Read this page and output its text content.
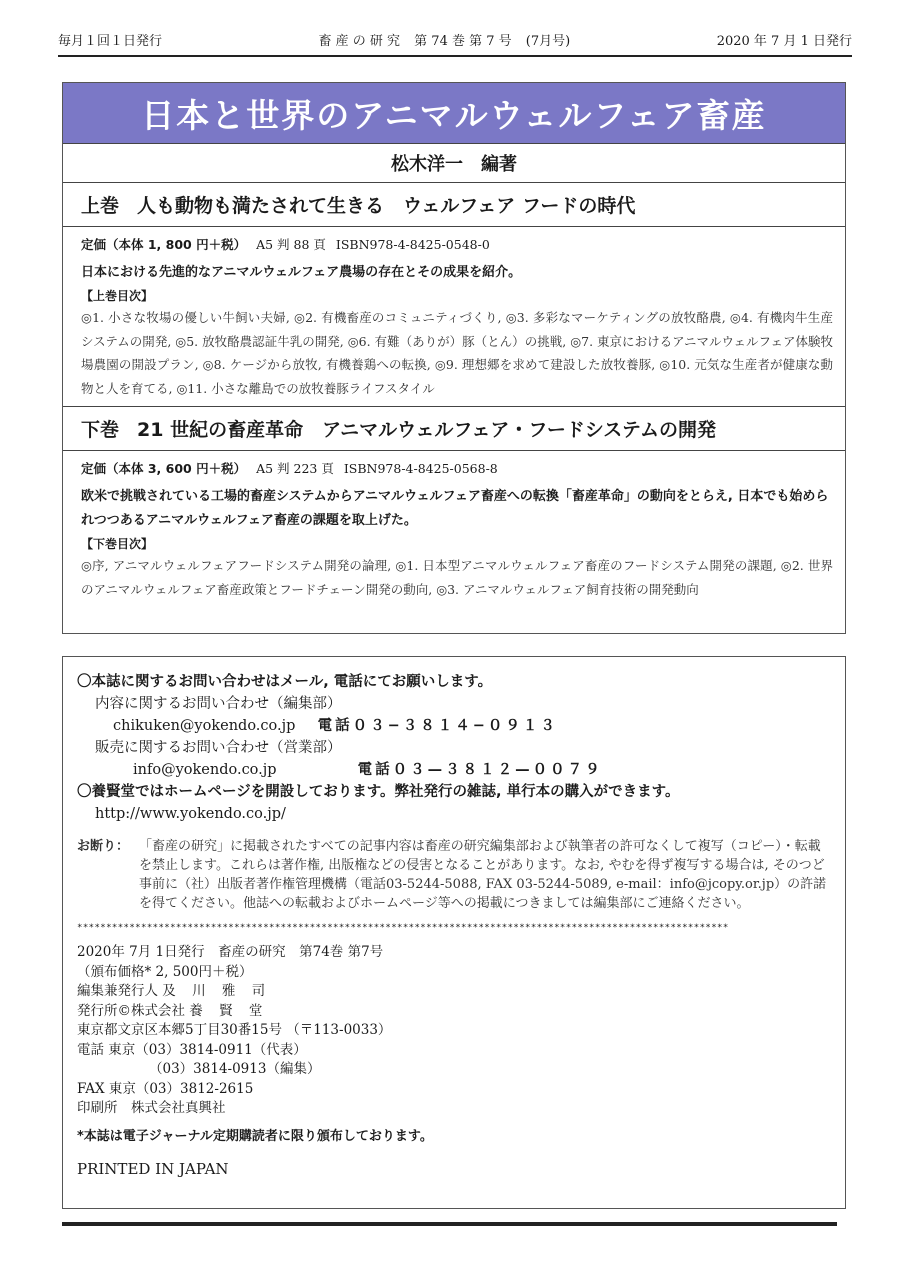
毎月１回１日発行	畜 産 の 研 究 第 74 巻 第 7 号 (7月号)	2020 年 7 月 1 日発行
日本と世界のアニマルウェルフェア畜産
松木洋一　編著
上巻 人も動物も満たされて生きる　ウェルフェア フードの時代
定価（本体 1, 800 円＋税） A5 判 88 頁 ISBN978-4-8425-0548-0
日本における先進的なアニマルウェルフェア農場の存在とその成果を紹介。
【上巻目次】
◎1. 小さな牧場の優しい牛飼い夫婦, ◎2. 有機畜産のコミュニティづくり, ◎3. 多彩なマーケティングの放牧酪農, ◎4. 有機肉牛生産システムの開発, ◎5. 放牧酪農認証牛乳の開発, ◎6. 有難（ありが）豚（とん）の挑戦, ◎7. 東京におけるアニマルウェルフェア体験牧場農園の開設プラン, ◎8. ケージから放牧, 有機養鶏への転換, ◎9. 理想郷を求めて建設した放牧養豚, ◎10. 元気な生産者が健康な動物と人を育てる, ◎11. 小さな離島での放牧養豚ライフスタイル
下巻 21 世紀の畜産革命　アニマルウェルフェア・フードシステムの開発
定価（本体 3, 600 円＋税） A5 判 223 頁 ISBN978-4-8425-0568-8
欧米で挑戦されている工場的畜産システムからアニマルウェルフェア畜産への転換「畜産革命」の動向をとらえ, 日本でも始められつつあるアニマルウェルフェア畜産の課題を取上げた。
【下巻目次】
◎序, アニマルウェルフェアフードシステム開発の論理, ◎1. 日本型アニマルウェルフェア畜産のフードシステム開発の課題, ◎2. 世界のアニマルウェルフェア畜産政策とフードチェーン開発の動向, ◎3. アニマルウェルフェア飼育技術の開発動向
〇本誌に関するお問い合わせはメール, 電話にてお願いします。
内容に関するお問い合わせ（編集部）
chikuken@yokendo.co.jp 電話０３−３８１４−０９１３
販売に関するお問い合わせ（営業部）
info@yokendo.co.jp	電話０３—３８１２—００７９
〇養賢堂ではホームページを開設しております。弊社発行の雑誌, 単行本の購入ができます。
http://www.yokendo.co.jp/
お断り： 「畜産の研究」に掲載されたすべての記事内容は畜産の研究編集部および執筆者の許可なくして複写（コピー）・転載を禁止します。これらは著作権, 出版権などの侵害となることがあります。なお, やむを得ず複写する場合は, そのつど事前に（社）出版者著作権管理機構（電話03-5244-5088, FAX 03-5244-5089, e-mail：info@jcopy.or.jp）の許諾を得てください。他誌への転載およびホームページ等への掲載につきましては編集部にご連絡ください。
****************************************************************************************************************
2020年 7月 1日発行　畜産の研究　第74巻 第7号
（頒布価格* 2, 500円＋税）
編集兼発行人 及 川 雅 司
発行所©株式会社 養 賢 堂
東京都文京区本郷5丁目30番15号 （〒113-0033）
電話 東京（03）3814-0911（代表）
（03）3814-0913（編集）
FAX 東京（03）3812-2615
印刷所　株式会社真興社
*本誌は電子ジャーナル定期購読者に限り頒布しております。
PRINTED IN JAPAN
